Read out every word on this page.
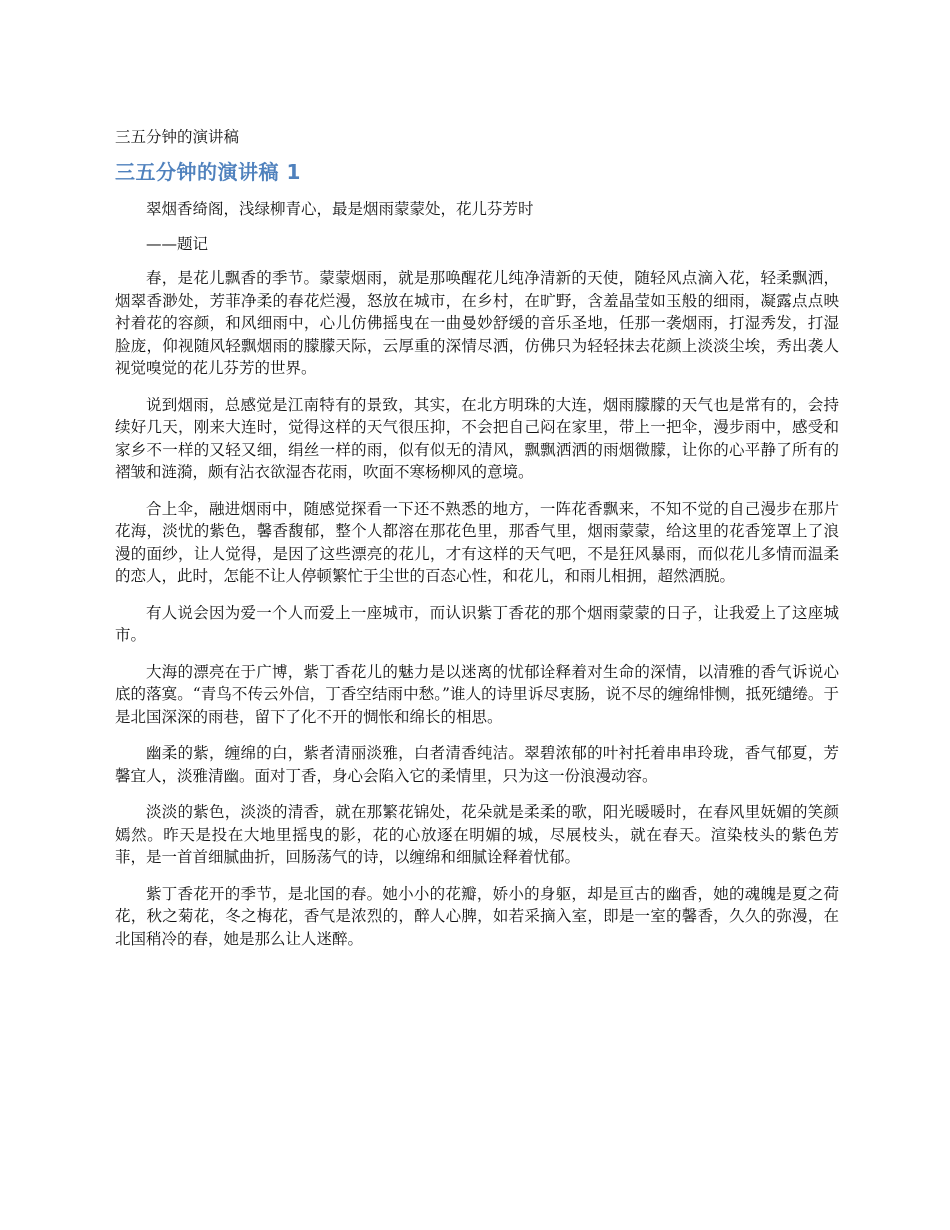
三五分钟的演讲稿
三五分钟的演讲稿 1

翠烟香绮阁，浅绿柳青心，最是烟雨蒙蒙处，花儿芬芳时

——题记

春，是花儿飘香的季节。蒙蒙烟雨，就是那唤醒花儿纯净清新的天使，随轻风点滴入花，轻柔飘洒，烟翠香渺处，芳菲净柔的春花烂漫，怒放在城市，在乡村，在旷野，含羞晶莹如玉般的细雨，凝露点点映衬着花的容颜，和风细雨中，心儿仿佛摇曳在一曲曼妙舒缓的音乐圣地，任那一袭烟雨，打湿秀发，打湿脸庞，仰视随风轻飘烟雨的朦朦天际，云厚重的深情尽洒，仿佛只为轻轻抹去花颜上淡淡尘埃，秀出袭人视觉嗅觉的花儿芬芳的世界。

说到烟雨，总感觉是江南特有的景致，其实，在北方明珠的大连，烟雨朦朦的天气也是常有的，会持续好几天，刚来大连时，觉得这样的天气很压抑，不会把自己闷在家里，带上一把伞，漫步雨中，感受和家乡不一样的又轻又细，绢丝一样的雨，似有似无的清风，飘飘洒洒的雨烟微朦，让你的心平静了所有的褶皱和涟漪，颇有沾衣欲湿杏花雨，吹面不寒杨柳风的意境。

合上伞，融进烟雨中，随感觉探看一下还不熟悉的地方，一阵花香飘来，不知不觉的自己漫步在那片花海，淡忧的紫色，馨香馥郁，整个人都溶在那花色里，那香气里，烟雨蒙蒙，给这里的花香笼罩上了浪漫的面纱，让人觉得，是因了这些漂亮的花儿，才有这样的天气吧，不是狂风暴雨，而似花儿多情而温柔的恋人，此时，怎能不让人停顿繁忙于尘世的百态心性，和花儿，和雨儿相拥，超然洒脱。

有人说会因为爱一个人而爱上一座城市，而认识紫丁香花的那个烟雨蒙蒙的日子，让我爱上了这座城市。

大海的漂亮在于广博，紫丁香花儿的魅力是以迷离的忧郁诠释着对生命的深情，以清雅的香气诉说心底的落寞。“青鸟不传云外信，丁香空结雨中愁。”谁人的诗里诉尽衷肠，说不尽的缠绵悱恻，抵死缱绻。于是北国深深的雨巷，留下了化不开的惆怅和绵长的相思。

幽柔的紫，缠绵的白，紫者清丽淡雅，白者清香纯洁。翠碧浓郁的叶衬托着串串玲珑，香气郁夏，芳馨宜人，淡雅清幽。面对丁香，身心会陷入它的柔情里，只为这一份浪漫动容。

淡淡的紫色，淡淡的清香，就在那繁花锦处，花朵就是柔柔的歌，阳光暖暖时，在春风里妩媚的笑颜嫣然。昨天是投在大地里摇曳的影，花的心放逐在明媚的城，尽展枝头，就在春天。渲染枝头的紫色芳菲，是一首首细腻曲折，回肠荡气的诗，以缠绵和细腻诠释着忧郁。

紫丁香花开的季节，是北国的春。她小小的花瓣，娇小的身躯，却是亘古的幽香，她的魂魄是夏之荷花，秋之菊花，冬之梅花，香气是浓烈的，醉人心脾，如若采摘入室，即是一室的馨香，久久的弥漫，在北国稍冷的春，她是那么让人迷醉。
